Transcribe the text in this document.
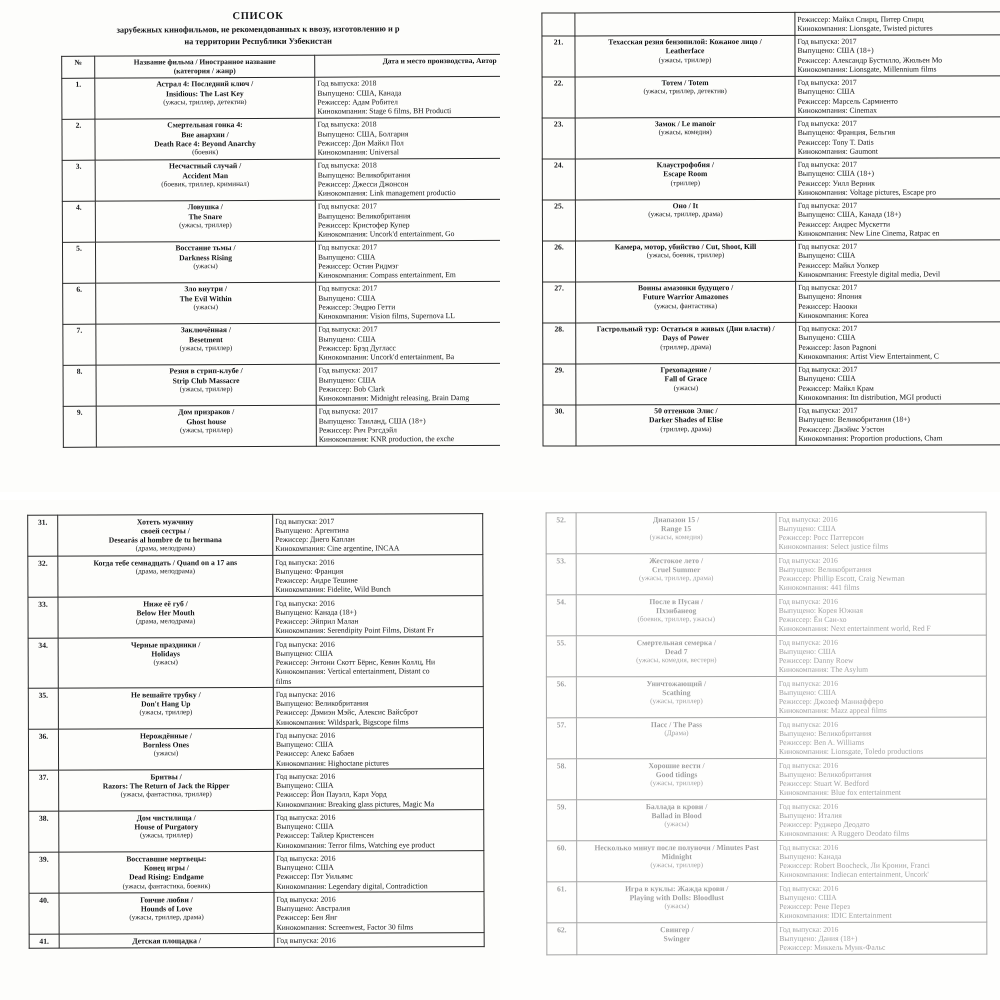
СПИСОК
зарубежных кинофильмов, не рекомендованных к ввозу, изготовлению и р
на территории Республики Узбекистан
№	Название фильма / Иностранное название
(категория / жанр)	Дата и место производства, Автор
1.	Астрал 4: Последний ключ /
Insidious: The Last Key
(ужасы, триллер, детектив)

Год выпуска: 2018
Выпущено: США, Канада
Режиссер: Адам Робител
Кинокомпания: Stage 6 films, BH Producti

2.	Смертельная гонка 4:
Вне анархии /
Death Race 4: Beyond Anarchy
(боевик)

Год выпуска: 2018
Выпущено: США, Болгария
Режиссер: Дон Майкл Пол
Кинокомпания: Universal

3.	Несчастный случай /
Accident Man
(боевик, триллер, криминал)

Год выпуска: 2018
Выпущено: Великобритания
Режиссер: Джесси Джонсон
Кинокомпания: Link management productio

4.	Ловушка /
The Snare
(ужасы, триллер)

Год выпуска: 2017
Выпущено: Великобритания
Режиссер: Кристофер Купер
Кинокомпания: Uncork'd entertainment, Go

5.	Восстание тьмы /
Darkness Rising
(ужасы)

Год выпуска: 2017
Выпущено: США
Режиссер: Остин Ридмэг
Кинокомпания: Compass entertainment, Em

6.	Зло внутри /
The Evil Within
(ужасы)

Год выпуска: 2017
Выпущено: США
Режиссер: Эндрю Гетти
Кинокомпания: Vision films, Supernova LL

7.	Заключённая /
Besetment
(ужасы, триллер)

Год выпуска: 2017
Выпущено: США
Режиссер: Брэд Дугласс
Кинокомпания: Uncork'd entertainment, Ba

8.	Резня в стрип-клубе /
Strip Club Massacre
(ужасы, триллер)

Год выпуска: 2017
Выпущено: США
Режиссер: Bob Clark
Кинокомпания: Midnight releasing, Brain Damg

9.	Дом призраков /
Ghost house
(ужасы, триллер)

Год выпуска: 2017
Выпущено: Таиланд, США (18+)
Режиссер: Рич Рэгсдэйл
Кинокомпания: KNR production, the exche

		Режиссер: Майкл Спирц, Питер Спирц
Кинокомпания: Lionsgate, Twisted pictures

21.	Техасская резня бензопилой: Кожаное лицо /
Leatherface
(ужасы, триллер)

Год выпуска: 2017
Выпущено: США (18+)
Режиссер: Александр Бустилло, Жюльен Мо
Кинокомпания: Lionsgate, Millennium films

22.	Тотем / Totem
(ужасы, триллер, детектив)

Год выпуска: 2017
Выпущено: США
Режиссер: Марсель Сармиенто
Кинокомпания: Cinemax

23.	Замок / Le manoir
(ужасы, комедия)

Год выпуска: 2017
Выпущено: Франция, Бельгия
Режиссер: Tony T. Datis
Кинокомпания: Gaumont

24.	Клаустрофобия /
Escape Room
(триллер)

Год выпуска: 2017
Выпущено: США (18+)
Режиссер: Уилл Верник
Кинокомпания: Voltage pictures, Escape pro

25.	Оно / It
(ужасы, триллер, драма)

Год выпуска: 2017
Выпущено: США, Канада (18+)
Режиссер: Андрес Мускетти
Кинокомпания: New Line Cinema, Ratpac en

26.	Камера, мотор, убийство / Cut, Shoot, Kill
(ужасы, боевик, триллер)

Год выпуска: 2017
Выпущено: США
Режиссер: Майкл Уолкер
Кинокомпания: Freestyle digital media, Devil

27.	Воины амазонки будущего /
Future Warrior Amazones
(ужасы, фантастика)

Год выпуска: 2017
Выпущено: Япония
Режиссер: Наооки
Кинокомпания: Korea

28.	Гастрольный тур: Остаться в живых (Дни власти) /
Days of Power
(триллер, драма)

Год выпуска: 2017
Выпущено: США
Режиссер: Jason Pagnoni
Кинокомпания: Artist View Entertainment, C

29.	Грехопадение /
Fall of Grace
(ужасы)

Год выпуска: 2017
Выпущено: США
Режиссер: Майкл Крам
Кинокомпания: Itn distribution, MGI producti

30.	50 оттенков Элис /
Darker Shades of Elise
(триллер, драма)

Год выпуска: 2017
Выпущено: Великобритания (18+)
Режиссер: Джэймс Уэстон
Кинокомпания: Proportion productions, Cham
31.	Хотеть мужчину
своей сестры /
Desearás al hombre de tu hermana
(драма, мелодрама)

Год выпуска: 2017
Выпущено: Аргентина
Режиссер: Диего Каплан
Кинокомпания: Cine argentine, INCAA

32.	Когда тебе семнадцать / Quand on a 17 ans
(драма, мелодрама)

Год выпуска: 2016
Выпущено: Франция
Режиссер: Андре Тешине
Кинокомпания: Fidelite, Wild Bunch

33.	Ниже её губ /
Below Her Mouth
(драма, мелодрама)

Год выпуска: 2016
Выпущено: Канада (18+)
Режиссер: Эйприл Малан
Кинокомпания: Serendipity Point Films, Distant Fr

34.	Черные праздники /
Holidays
(ужасы)

Год выпуска: 2016
Выпущено: США
Режиссер: Энтони Скотт Бёрнс, Кевин Коллц, Ни
Кинокомпания: Vertical entertainment, Distant co
films

35.	Не вешайте трубку /
Don't Hang Up
(ужасы, триллер)

Год выпуска: 2016
Выпущено: Великобритания
Режиссер: Дэмиэн Мэйс, Алексис Вайсброт
Кинокомпания: Wildspark, Bigscope films

36.	Нерождённые /
Bornless Ones
(ужасы)

Год выпуска: 2016
Выпущено: США
Режиссер: Алекс Бабаев
Кинокомпания: Highoctane pictures

37.	Бритвы /
Razors: The Return of Jack the Ripper
(ужасы, фантастика, триллер)

Год выпуска: 2016
Выпущено: США
Режиссер: Йон Пауэлл, Карл Уорд
Кинокомпания: Breaking glass pictures, Magic Ma

38.	Дом чистилища /
House of Purgatory
(ужасы, триллер)

Год выпуска: 2016
Выпущено: США
Режиссер: Тайлер Кристенсен
Кинокомпания: Terror films, Watching eye product

39.	Восставшие мертвецы:
Конец игры /
Dead Rising: Endgame
(ужасы, фантастика, боевик)

Год выпуска: 2016
Выпущено: США
Режиссер: Пэт Уильямс
Кинокомпания: Legendary digital, Contradiction

40.	Гончие любви /
Hounds of Love
(ужасы, триллер, драма)

Год выпуска: 2016
Выпущено: Австралия
Режиссер: Бен Янг
Кинокомпания: Screenwest, Factor 30 films

41.	Детская площадка /	Год выпуска: 2016
52.	Диапазон 15 /
Range 15
(ужасы, комедия)

Год выпуска: 2016
Выпущено: США
Режиссер: Росс Паттерсон
Кинокомпания: Select justice films

53.	Жестокое лето /
Cruel Summer
(ужасы, триллер, драма)

Год выпуска: 2016
Выпущено: Великобритания
Режиссер: Phillip Escott, Craig Newman
Кинокомпания: 441 films

54.	После в Пусан /
Пхэнбанеоg
(боевик, триллер, ужасы)

Год выпуска: 2016
Выпущено: Корея Южная
Режиссер: Ён Сан-хо
Кинокомпания: Next entertainment world, Red F

55.	Смертельная семерка /
Dead 7
(ужасы, комедия, вестерн)

Год выпуска: 2016
Выпущено: США
Режиссер: Danny Roew
Кинокомпания: The Asylum

56.	Уничтожающий /
Scathing
(ужасы, триллер)

Год выпуска: 2016
Выпущено: США
Режиссер: Джозеф Маниафферо
Кинокомпания: Mazz appeal films

57.	Пасс / The Pass
(Драма)

Год выпуска: 2016
Выпущено: Великобритания
Режиссер: Ben A. Williams
Кинокомпания: Lionsgate, Toledo productions

58.	Хорошие вести /
Good tidings
(ужасы, триллер)

Год выпуска: 2016
Выпущено: Великобритания
Режиссер: Stuart W. Bedford
Кинокомпания: Blue fox entertainment

59.	Баллада в крови /
Ballad in Blood
(ужасы)

Год выпуска: 2016
Выпущено: Италия
Режиссер: Руджеро Деодато
Кинокомпания: A Ruggero Deodato films

60.	Несколько минут после полуночи / Minutes Past
Midnight
(ужасы, триллер)

Год выпуска: 2016
Выпущено: Канада
Режиссер: Robert Boocheck, Ли Кронин, Franci
Кинокомпания: Indiecan entertainment, Uncork'

61.	Игра в куклы: Жажда крови /
Playing with Dolls: Bloodlust
(ужасы)

Год выпуска: 2016
Выпущено: США
Режиссер: Рене Перез
Кинокомпания: IDIC Entertainment

62.	Свингер /
Swinger

Год выпуска: 2016
Выпущено: Дания (18+)
Режиссер: Миккель Мунк-Фальс
